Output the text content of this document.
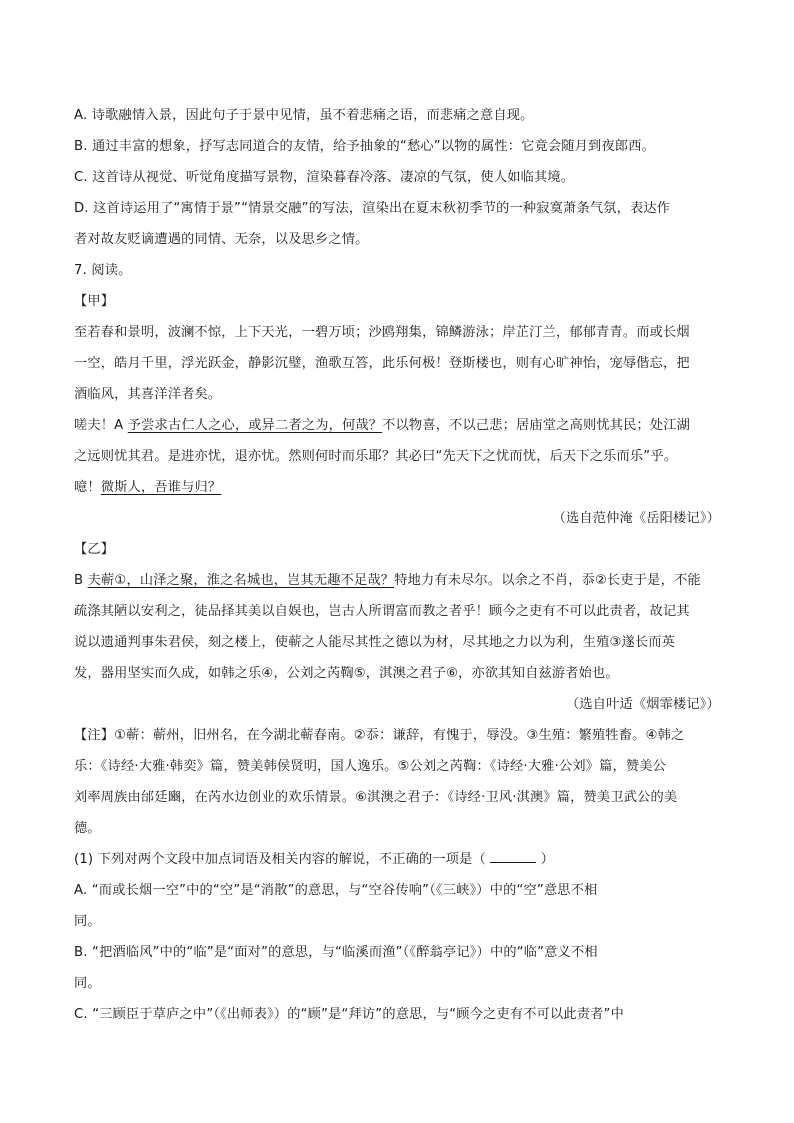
A. 诗歌融情入景，因此句子于景中见情，虽不着悲痛之语，而悲痛之意自现。
B. 通过丰富的想象，抒写志同道合的友情，给予抽象的“愁心”以物的属性：它竟会随月到夜郎西。
C. 这首诗从视觉、听觉角度描写景物，渲染暮春冷落、凄凉的气氛，使人如临其境。
D. 这首诗运用了“寓情于景”“情景交融”的写法，渲染出在夏末秋初季节的一种寂寞萧条气氛，表达作
者对故友贬谪遭遇的同情、无奈，以及思乡之情。
7. 阅读。
【甲】
至若春和景明，波澜不惊，上下天光，一碧万顷；沙鸥翔集，锦鳞游泳；岸芷汀兰，郁郁青青。而或长烟
一空，皓月千里，浮光跃金，静影沉璧，渔歌互答，此乐何极！登斯楼也，则有心旷神怡，宠辱偕忘，把
酒临风，其喜洋洋者矣。
嗟夫！A 予尝求古仁人之心，或异二者之为，何哉？不以物喜，不以己悲；居庙堂之高则忧其民；处江湖
之远则忧其君。是进亦忧，退亦忧。然则何时而乐耶？其必曰“先天下之忧而忧，后天下之乐而乐”乎。
噫！微斯人，吾谁与归？
（选自范仲淹《岳阳楼记》）
【乙】
B 夫蕲①，山泽之聚，淮之名城也，岂其无趣不足哉？特地力有未尽尔。以余之不肖，忝②长吏于是，不能
疏涤其陋以安利之，徒品择其美以自娱也，岂古人所谓富而教之者乎！顾今之吏有不可以此责者，故记其
说以遗通判事朱君侯，刻之楼上，使蕲之人能尽其性之德以为材，尽其地之力以为利，生殖③遂长而英
发，器用坚实而久成，如韩之乐④，公刘之芮鞫⑤，淇澳之君子⑥，亦欲其知自兹游者始也。
（选自叶适《烟霏楼记》）
【注】①蕲：蕲州，旧州名，在今湖北蕲春南。②忝：谦辞，有愧于，辱没。③生殖：繁殖牲畜。④韩之
乐：《诗经·大雅·韩奕》篇，赞美韩侯贤明，国人逸乐。⑤公刘之芮鞫：《诗经·大雅·公刘》篇，赞美公
刘率周族由邰廷豳，在芮水边创业的欢乐情景。⑥淇澳之君子：《诗经·卫风·淇澳》篇，赞美卫武公的美
德。
(1) 下列对两个文段中加点词语及相关内容的解说，不正确的一项是（	）
A. “而或长烟一空”中的“空”是“消散”的意思，与“空谷传响”（《三峡》）中的“空”意思不相
同。
B. “把酒临风”中的“临”是“面对”的意思，与“临溪而渔”（《醉翁亭记》）中的“临”意义不相
同。
C. “三顾臣于草庐之中”（《出师表》）的“顾”是“拜访”的意思，与“顾今之吏有不可以此责者”中
